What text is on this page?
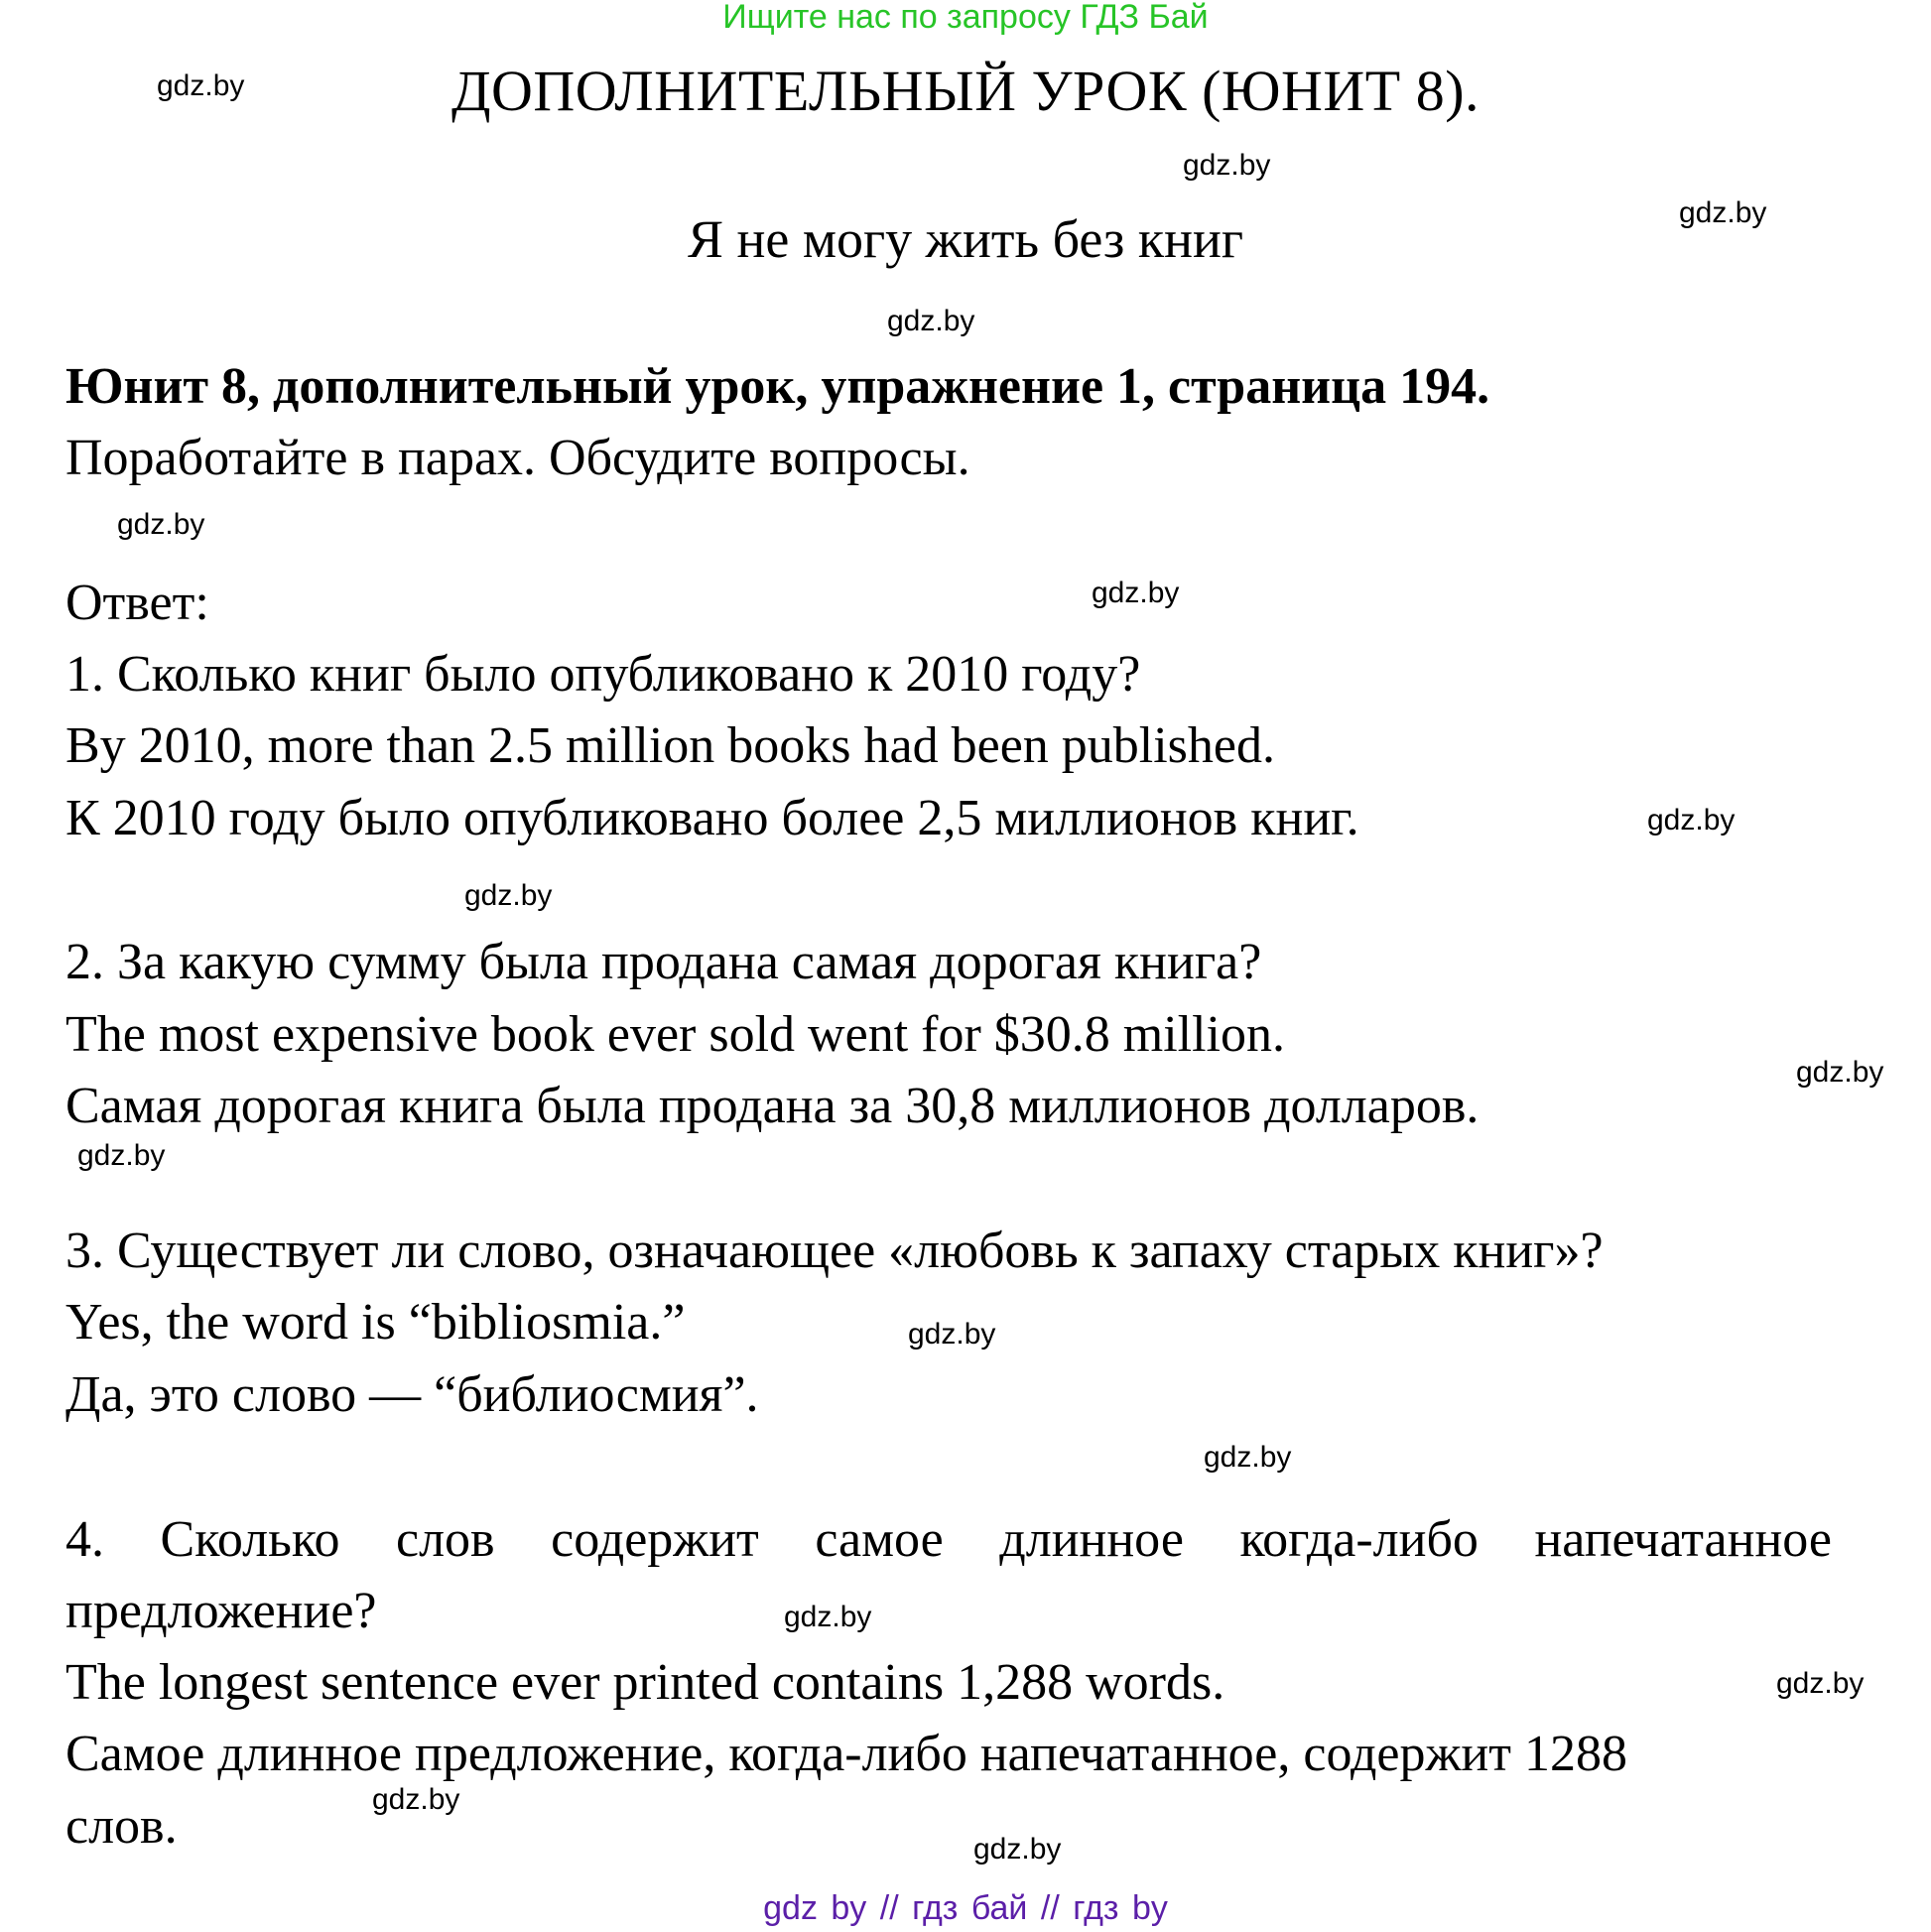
Ищите нас по запросу ГДЗ Бай
ДОПОЛНИТЕЛЬНЫЙ УРОК (ЮНИТ 8).
Я не могу жить без книг
Юнит 8, дополнительный урок, упражнение 1, страница 194.
Поработайте в парах. Обсудите вопросы.
Ответ:
1. Сколько книг было опубликовано к 2010 году?
By 2010, more than 2.5 million books had been published.
К 2010 году было опубликовано более 2,5 миллионов книг.
2. За какую сумму была продана самая дорогая книга?
The most expensive book ever sold went for $30.8 million.
Самая дорогая книга была продана за 30,8 миллионов долларов.
3. Существует ли слово, означающее «любовь к запаху старых книг»?
Yes, the word is “bibliosmia.”
Да, это слово — “библиосмия”.
4. Сколько слов содержит самое длинное когда-либо напечатанное
предложение?
The longest sentence ever printed contains 1,288 words.
Самое длинное предложение, когда-либо напечатанное, содержит 1288
слов.
gdz.by
gdz.by
gdz.by
gdz.by
gdz.by
gdz.by
gdz.by
gdz.by
gdz.by
gdz.by
gdz.by
gdz.by
gdz.by
gdz.by
gdz.by
gdz.by
gdz by // гдз бай // гдз by
